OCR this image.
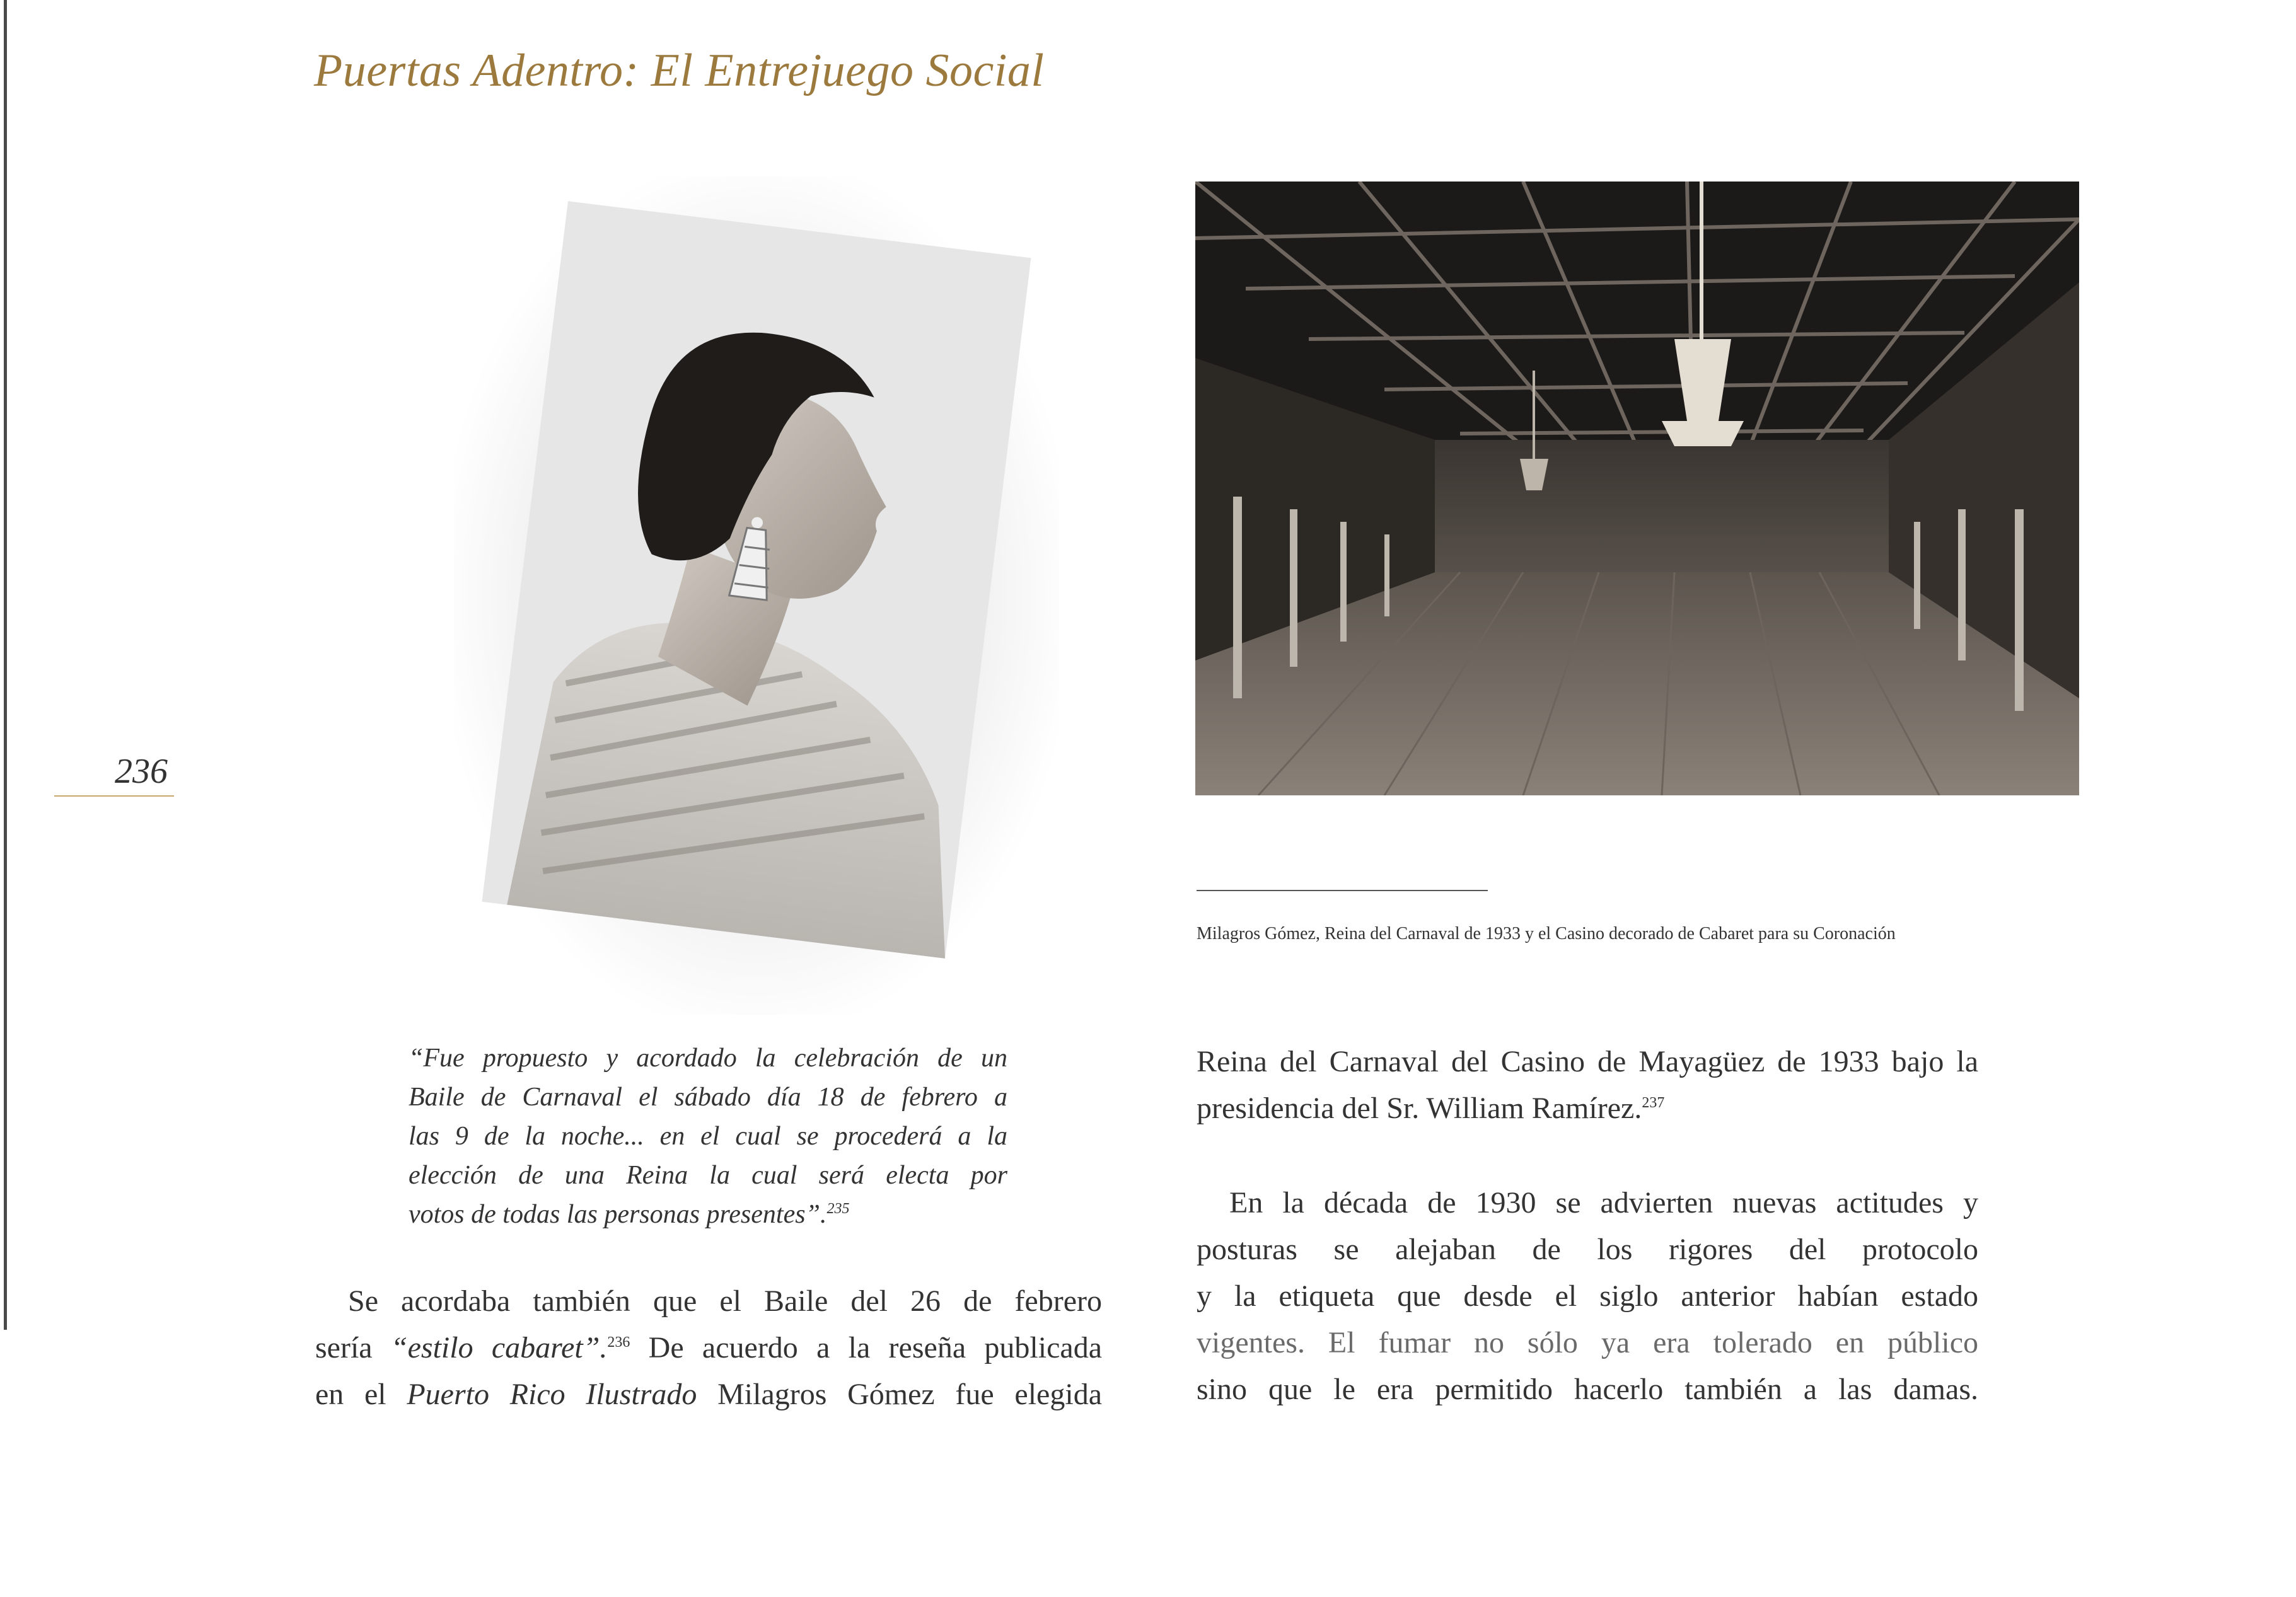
Puertas Adentro: El Entrejuego Social
236

Milagros Gómez, Reina del Carnaval de 1933 y el Casino decorado de Cabaret para su Coronación

“Fue propuesto y acordado la celebración de un
Baile de Carnaval el sábado día 18 de febrero a
las 9 de la noche... en el cual se procederá a la
elección de una Reina la cual será electa por
votos de todas las personas presentes”.$^{235}$
Se acordaba también que el Baile del 26 de febrero
sería “estilo cabaret”.$^{236}$ De acuerdo a la reseña publicada
en el Puerto Rico Ilustrado Milagros Gómez fue elegida
Reina del Carnaval del Casino de Mayagüez de 1933 bajo la
presidencia del Sr. William Ramírez.$^{237}$
En la década de 1930 se advierten nuevas actitudes y
posturas se alejaban de los rigores del protocolo
y la etiqueta que desde el siglo anterior habían estado
vigentes. El fumar no sólo ya era tolerado en público
sino que le era permitido hacerlo también a las damas.
